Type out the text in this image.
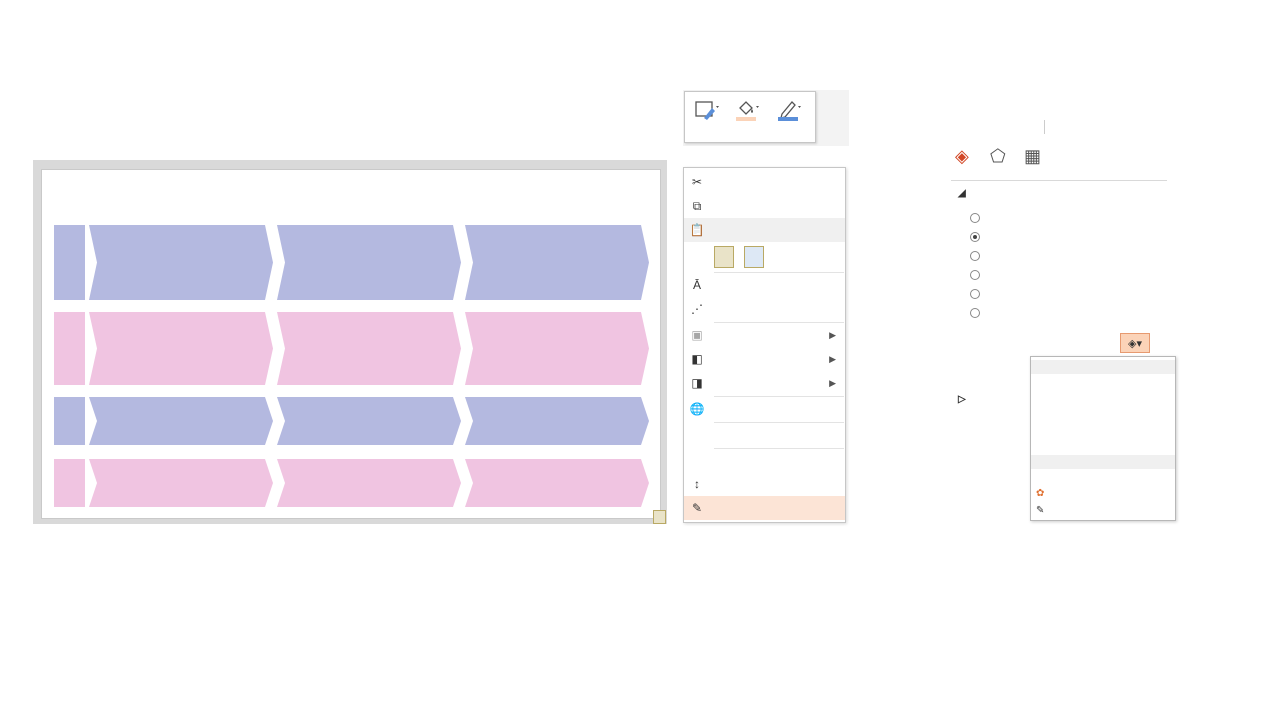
✂
⧉
📋
Ā
⋰
▣	▶
◧	▶
◨	▶
🌐
↕
✎
◈ ⬠ ▦
◢
◈▾
▷
✿
✎
